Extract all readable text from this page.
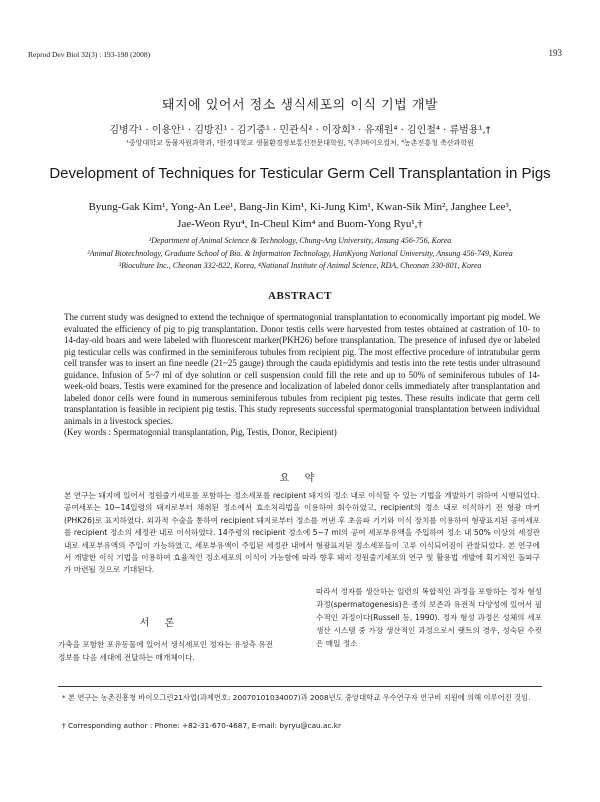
Reprod Dev Biol 32(3) : 193-198 (2008)	193
돼지에 있어서 정소 생식세포의 이식 기법 개발
김병각¹ · 이용안¹ · 김방진¹ · 김기중¹ · 민관식² · 이장희³ · 유재원⁴ · 김인철⁴ · 류범용¹,†
¹중앙대학교 동물자원과학과, ²한경대학교 생물환경정보통신전문대학원, ³(주)바이오컬처, ⁴농촌진흥청 축산과학원
Development of Techniques for Testicular Germ Cell Transplantation in Pigs
Byung-Gak Kim¹, Yong-An Lee¹, Bang-Jin Kim¹, Ki-Jung Kim¹, Kwan-Sik Min², Janghee Lee³,
Jae-Weon Ryu⁴, In-Cheul Kim⁴ and Buom-Yong Ryu¹,†
¹Department of Animal Science & Technology, Chung-Ang University, Ansung 456-756, Korea
²Animal Biotechnology, Graduate School of Bio. & Information Technology, HanKyong National University, Ansung 456-749, Korea
³Bioculture Inc., Cheonan 332-822, Korea, ⁴National Institute of Animal Science, RDA, Cheonan 330-801, Korea
ABSTRACT
The current study was designed to extend the technique of spermatogonial transplantation to economically important pig model. We evaluated the efficiency of pig to pig transplantation. Donor testis cells were harvested from testes obtained at castration of 10- to 14-day-old boars and were labeled with fluorescent marker(PKH26) before transplantation. The presence of infused dye or labeled pig testicular cells was confirmed in the seminiferous tubules from recipient pig. The most effective procedure of intratubular germ cell transfer was to insert an fine needle (21~25 gauge) through the cauda epididymis and testis into the rete testis under ultrasound guidance. Infusion of 5~7 ml of dye solution or cell suspension could fill the rete and up to 50% of seminiferous tubules of 14-week-old boars. Testis were examined for the presence and localization of labeled donor cells immediately after transplantation and labeled donor cells were found in numerous seminiferous tubules from recipient pig testes. These results indicate that germ cell transplantation is feasible in recipient pig testis. This study represents successful spermatogonial transplantation between individual animals in a livestock species.
(Key words : Spermatogonial transplantation, Pig, Testis, Donor, Recipient)
요 약
본 연구는 돼지에 있어서 정원줄기세포를 포함하는 정소세포를 recipient 돼지의 정소 내로 이식할 수 있는 기법을 개발하기 위하여 시행되었다. 공여세포는 10~14일령의 돼지로부터 채취된 정소에서 효소처리법을 이용하여 회수하였고, recipient의 정소 내로 이식하기 전 형광 마커(PHK26)로 표지하였다. 외과적 수술을 통하여 recipient 돼지로부터 정소를 꺼낸 후 초음파 기기와 이식 장치를 이용하여 형광표지된 공여세포를 recipient 정소의 세정관 내로 이식하였다. 14주령의 recipient 정소에 5~7 ml의 공여 세포부유액을 주입하여 정소 내 50% 이상의 세정관 내로 세포부유액의 주입이 가능하였고, 세포부유액이 주입된 세정관 내에서 형광표지된 정소세포들이 고루 이식되어짐이 관찰되었다. 본 연구에서 개발한 이식 기법을 이용하여 효율적인 정소세포의 이식이 가능함에 따라 향후 돼지 정원줄기세포의 연구 및 활용법 개발에 획기적인 돌파구가 마련될 것으로 기대된다.
서 론
가축을 포함한 포유동물에 있어서 생식세포인 정자는 유성측 유전 정보를 다음 세대에 전달하는 매개체이다.
따라서 정자를 생산하는 일련의 복합적인 과정을 포함하는 정자 형성 과정(spermatogenesis)은 종의 보존과 유전적 다양성에 있어서 필수적인 과정이다(Russell 등, 1990). 정자 형성 과정은 성체의 세포생산 시스템 중 가장 생산적인 과정으로서 랫트의 경우, 성숙된 수컷은 매일 정소
* 본 연구는 농촌진흥청 바이오그린21사업(과제번호: 20070101034007)과 2008년도 중앙대학교 우수연구자 연구비 지원에 의해 이루어진 것임.
† Corresponding author : Phone: +82-31-670-4687, E-mail: byryu@cau.ac.kr
